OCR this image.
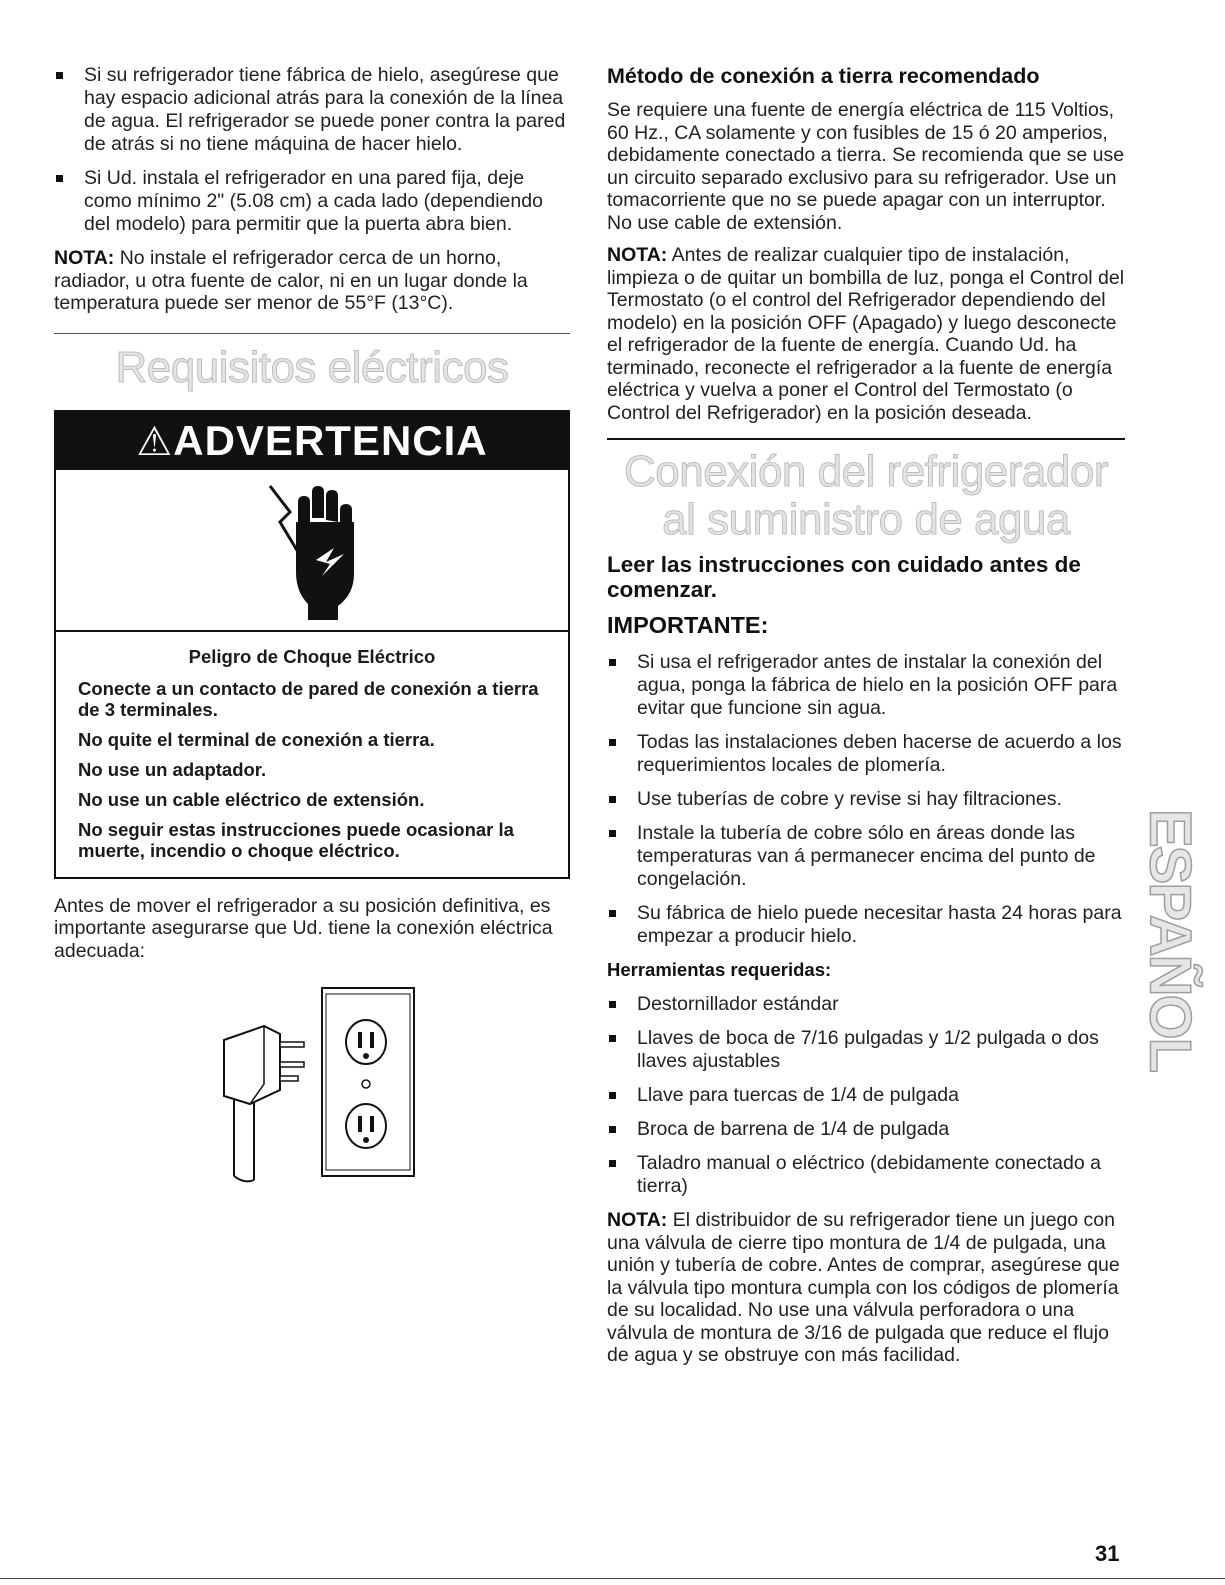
Si su refrigerador tiene fábrica de hielo, asegúrese que hay espacio adicional atrás para la conexión de la línea de agua. El refrigerador se puede poner contra la pared de atrás si no tiene máquina de hacer hielo.
Si Ud. instala el refrigerador en una pared fija, deje como mínimo 2" (5.08 cm) a cada lado (dependiendo del modelo) para permitir que la puerta abra bien.

NOTA: No instale el refrigerador cerca de un horno, radiador, u otra fuente de calor, ni en un lugar donde la temperatura puede ser menor de 55°F (13°C).

Requisitos eléctricos
⚠ADVERTENCIA
Peligro de Choque Eléctrico

Conecte a un contacto de pared de conexión a tierra de 3 terminales.

No quite el terminal de conexión a tierra.

No use un adaptador.

No use un cable eléctrico de extensión.

No seguir estas instrucciones puede ocasionar la muerte, incendio o choque eléctrico.

Antes de mover el refrigerador a su posición definitiva, es importante asegurarse que Ud. tiene la conexión eléctrica adecuada:

Método de conexión a tierra recomendado

Se requiere una fuente de energía eléctrica de 115 Voltios, 60 Hz., CA solamente y con fusibles de 15 ó 20 amperios, debidamente conectado a tierra. Se recomienda que se use un circuito separado exclusivo para su refrigerador. Use un tomacorriente que no se puede apagar con un interruptor. No use cable de extensión.

NOTA: Antes de realizar cualquier tipo de instalación, limpieza o de quitar un bombilla de luz, ponga el Control del Termostato (o el control del Refrigerador dependiendo del modelo) en la posición OFF (Apagado) y luego desconecte el refrigerador de la fuente de energía. Cuando Ud. ha terminado, reconecte el refrigerador a la fuente de energía eléctrica y vuelva a poner el Control del Termostato (o Control del Refrigerador) en la posición deseada.

Conexión del refrigerador
al suministro de agua
Leer las instrucciones con cuidado antes de comenzar.
IMPORTANTE:
Si usa el refrigerador antes de instalar la conexión del agua, ponga la fábrica de hielo en la posición OFF para evitar que funcione sin agua.
Todas las instalaciones deben hacerse de acuerdo a los requerimientos locales de plomería.
Use tuberías de cobre y revise si hay filtraciones.
Instale la tubería de cobre sólo en áreas donde las temperaturas van á permanecer encima del punto de congelación.
Su fábrica de hielo puede necesitar hasta 24 horas para empezar a producir hielo.
Herramientas requeridas:
Destornillador estándar
Llaves de boca de 7/16 pulgadas y 1/2 pulgada o dos llaves ajustables
Llave para tuercas de 1/4 de pulgada
Broca de barrena de 1/4 de pulgada
Taladro manual o eléctrico (debidamente conectado a tierra)

NOTA: El distribuidor de su refrigerador tiene un juego con una válvula de cierre tipo montura de 1/4 de pulgada, una unión y tubería de cobre. Antes de comprar, asegúrese que la válvula tipo montura cumpla con los códigos de plomería de su localidad. No use una válvula perforadora o una válvula de montura de 3/16 de pulgada que reduce el flujo de agua y se obstruye con más facilidad.

ESPAÑOL
31
